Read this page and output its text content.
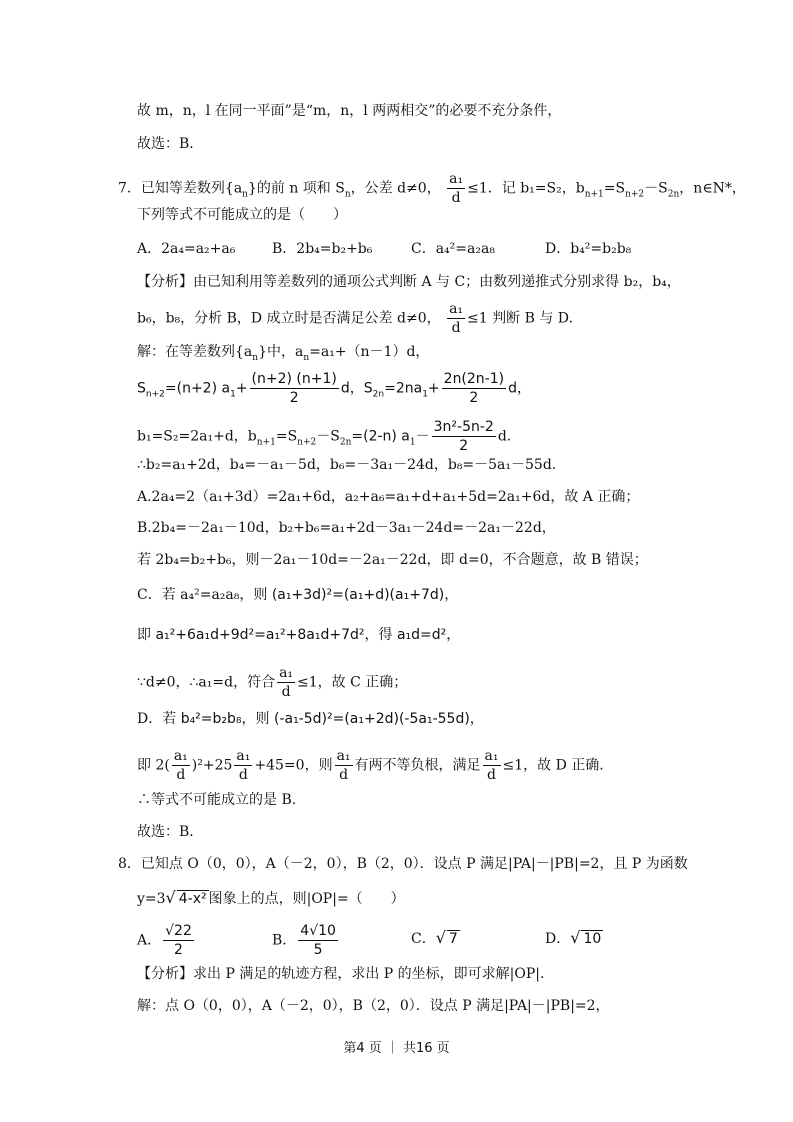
故 m，n，l 在同一平面”是“m，n，l 两两相交”的必要不充分条件，
故选：B.
7．已知等差数列$\{a_n\}$的前 n 项和 $S_n$，公差 d≠0， $\frac{\text{a₁}}{d} \le 1$．记 b₁=S₂，$b_{n+1}=S_{n+2}-S_{2n}$，n∈N*，
下列等式不可能成立的是（　　）
A．2a₄=a₂+a₆	B．2b₄=b₂+b₆	C．a₄²=a₂a₈	D．b₄²=b₂b₈
【分析】由已知利用等差数列的通项公式判断 A 与 C；由数列递推式分别求得 b₂，b₄，
b₆，b₈，分析 B，D 成立时是否满足公差 d≠0， $\frac{\text{a₁}}{d} \le 1$ 判断 B 与 D.
解：在等差数列$\{a_n\}$中，$a_n=a_1+(n-1)d$，
$S_{n+2}=(n+2)$ $a_1+ \frac{(n+2) (n+1)}{2}$ d，$S_{2n}=2na_1+ \frac{2n(2n-1)}{2}$ d，
b₁=S₂=2a₁+d，$b_{n+1}=S_{n+2}-S_{2n}=(2-n)$ $a_1- \frac{\text{3n²-5n-2}}{2} d$.
∴b₂=a₁+2d，b₄=－a₁－5d，b₆=－3a₁－24d，b₈=－5a₁－55d.
A.2a₄=2（a₁+3d）=2a₁+6d，a₂+a₆=a₁+d+a₁+5d=2a₁+6d，故 A 正确；
B.2b₄=－2a₁－10d，b₂+b₆=a₁+2d－3a₁－24d=－2a₁－22d，
若 2b₄=b₂+b₆，则－2a₁－10d=－2a₁－22d，即 d=0，不合题意，故 B 错误；
C．若 a₄²=a₂a₈，则 (a₁+3d)²=(a₁+d)(a₁+7d)，
即 a₁²+6a₁d+9d²=a₁²+8a₁d+7d²，得 a₁d=d²，
∵d≠0，∴a₁=d，符合 $\frac{\text{a₁}}{d} \le 1$，故 C 正确；
D．若 b₄²=b₂b₈，则 (-a₁-5d)²=(a₁+2d)(-5a₁-55d)，
即 $2( \frac{\text{a₁}}{d} )^2+25 \frac{\text{a₁}}{d} +45=0$，则 $\frac{\text{a₁}}{d}$ 有两不等负根，满足 $\frac{\text{a₁}}{d} \le 1$，故 D 正确.
∴等式不可能成立的是 B.
故选：B.
8．已知点 O（0，0），A（－2，0），B（2，0）．设点 P 满足|PA|－|PB|=2，且 P 为函数
y=3√ 4-x² 图象上的点，则|OP|=（　　）
A． $\frac{√22}{2}$	B． $\frac{4√10}{5}$	C．√ 7	D．√ 10
【分析】求出 P 满足的轨迹方程，求出 P 的坐标，即可求解|OP|.
解：点 O（0，0），A（－2，0），B（2，0）．设点 P 满足|PA|－|PB|=2，
第4 页 ｜ 共16 页
